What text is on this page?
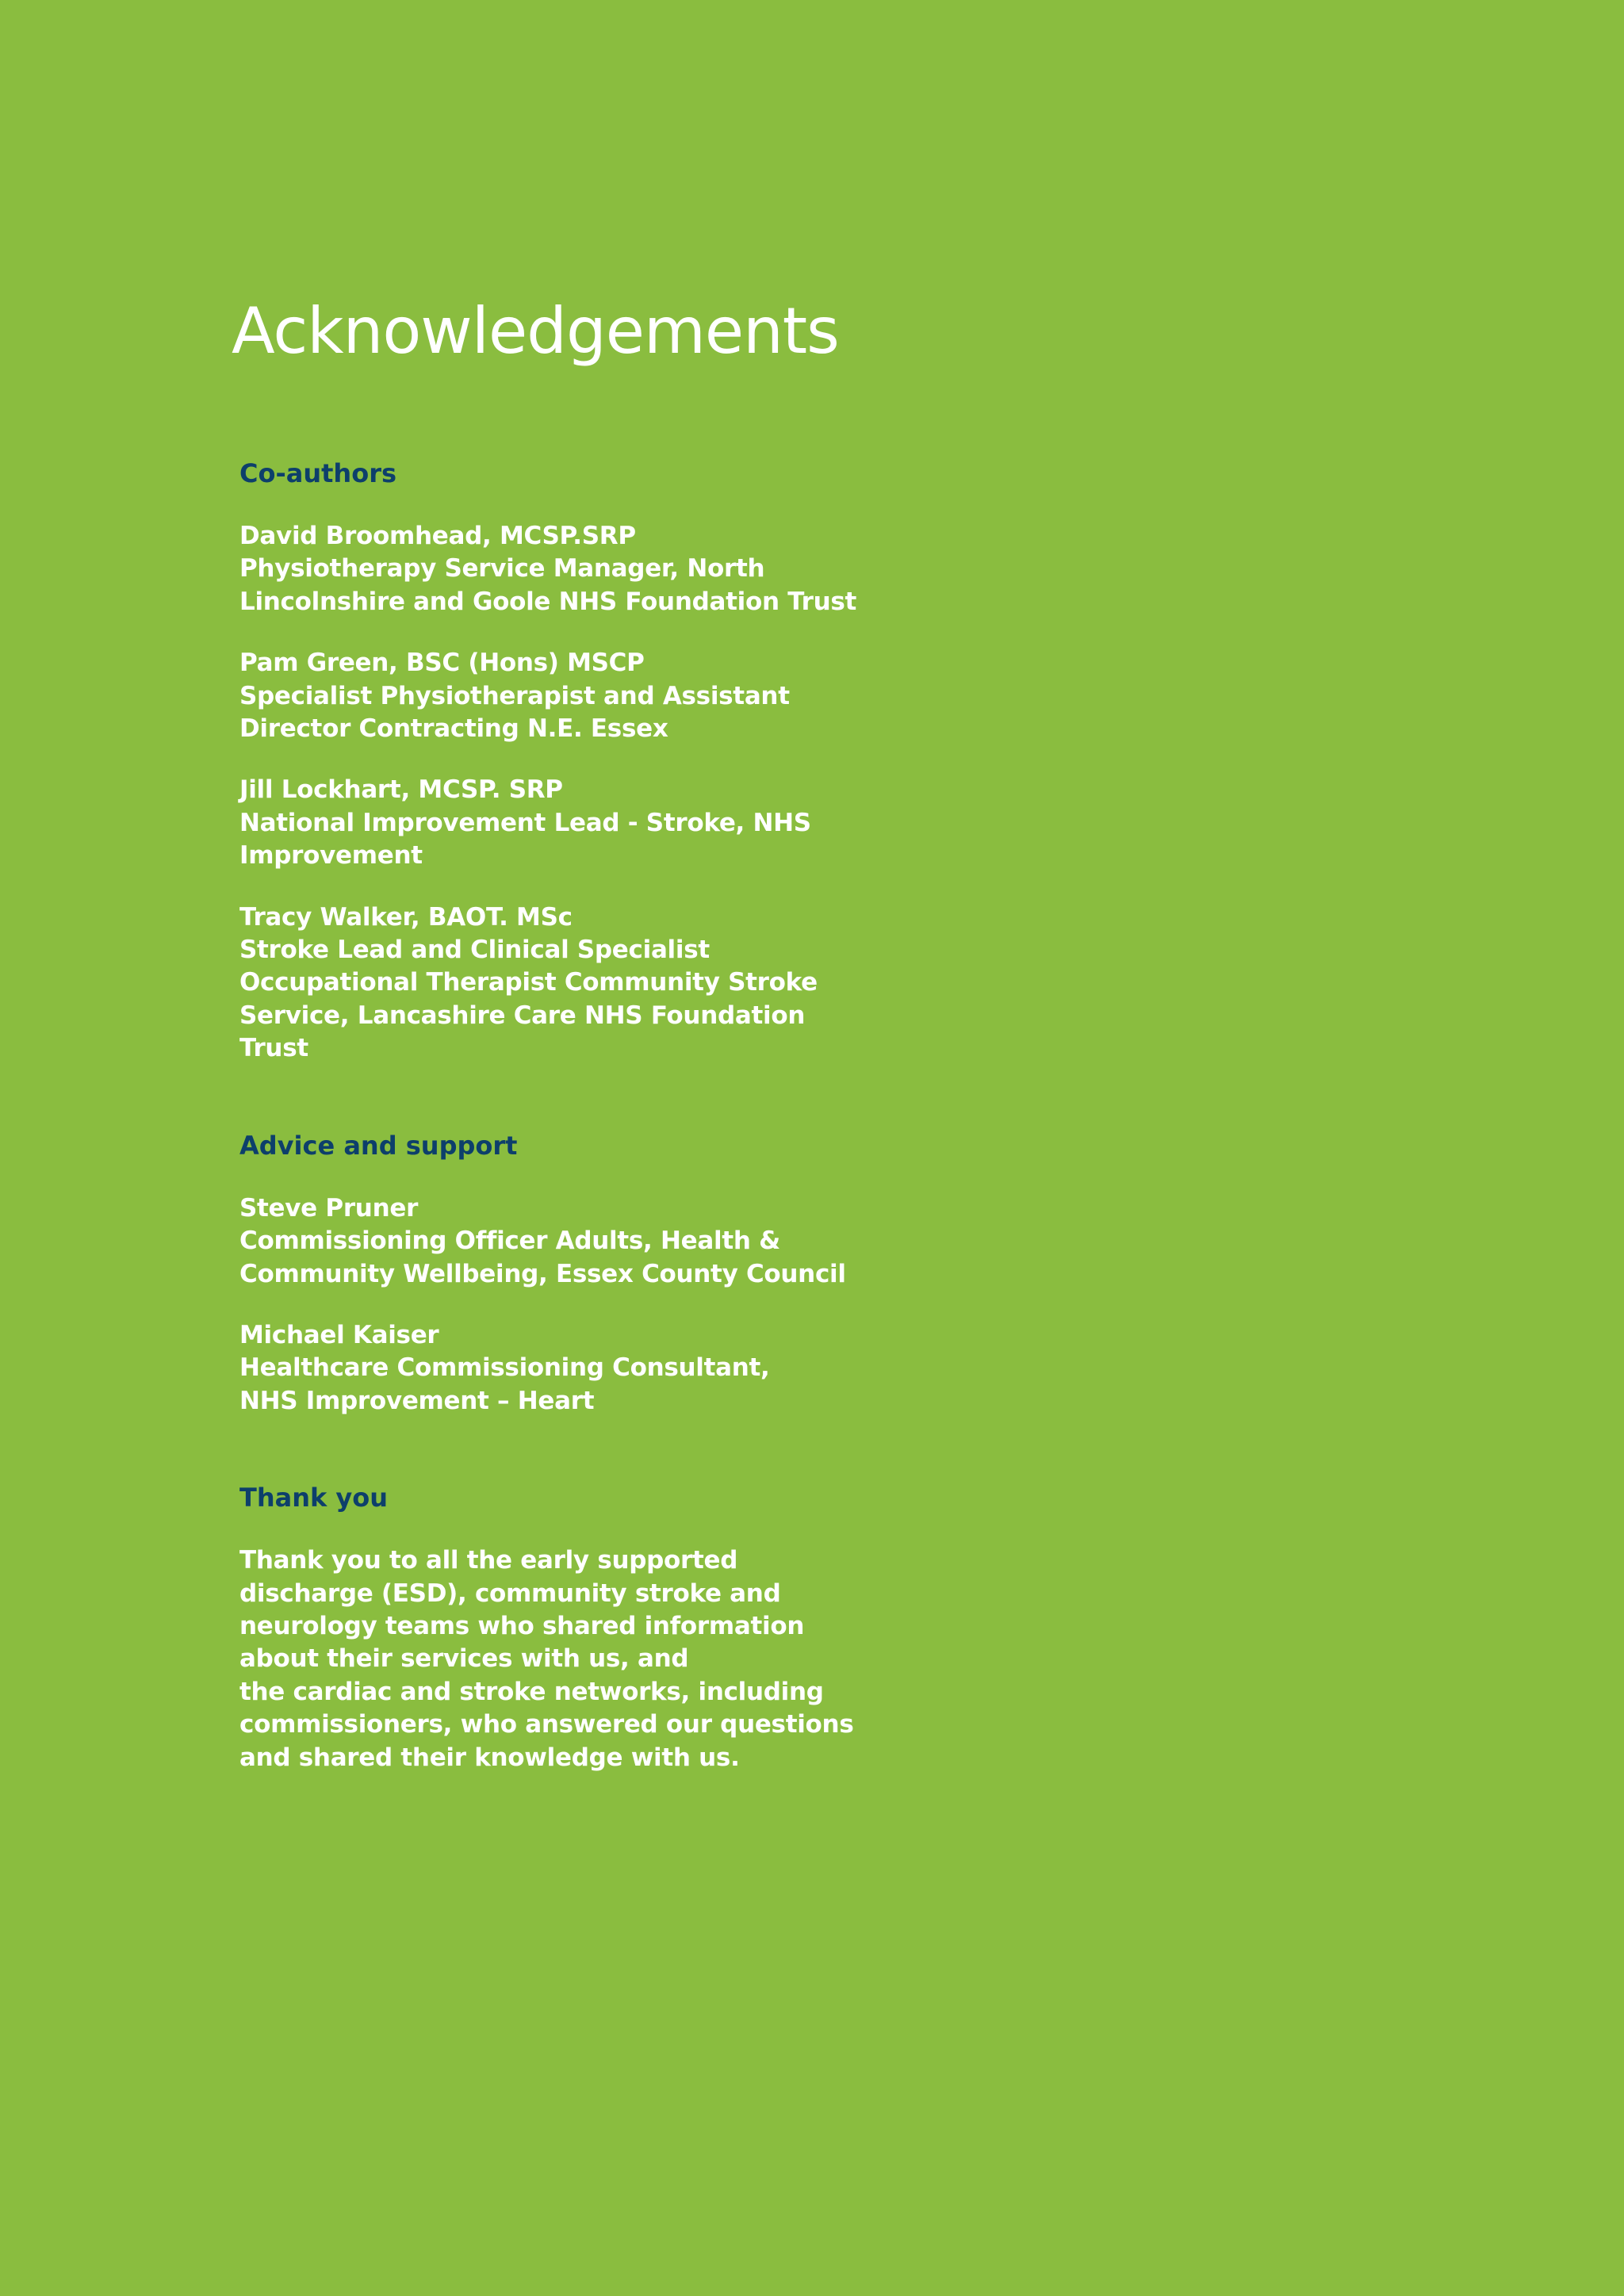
Acknowledgements
Co-authors

David Broomhead, MCSP.SRP

Physiotherapy Service Manager, North

Lincolnshire and Goole NHS Foundation Trust

Pam Green, BSC (Hons) MSCP

Specialist Physiotherapist and Assistant

Director Contracting N.E. Essex

Jill Lockhart, MCSP. SRP

National Improvement Lead - Stroke, NHS

Improvement

Tracy Walker, BAOT. MSc

Stroke Lead and Clinical Specialist

Occupational Therapist Community Stroke

Service, Lancashire Care NHS Foundation

Trust

Advice and support

Steve Pruner

Commissioning Officer Adults, Health &

Community Wellbeing, Essex County Council

Michael Kaiser

Healthcare Commissioning Consultant,

NHS Improvement – Heart

Thank you

Thank you to all the early supported

discharge (ESD), community stroke and

neurology teams who shared information

about their services with us, and

the cardiac and stroke networks, including

commissioners, who answered our questions

and shared their knowledge with us.
